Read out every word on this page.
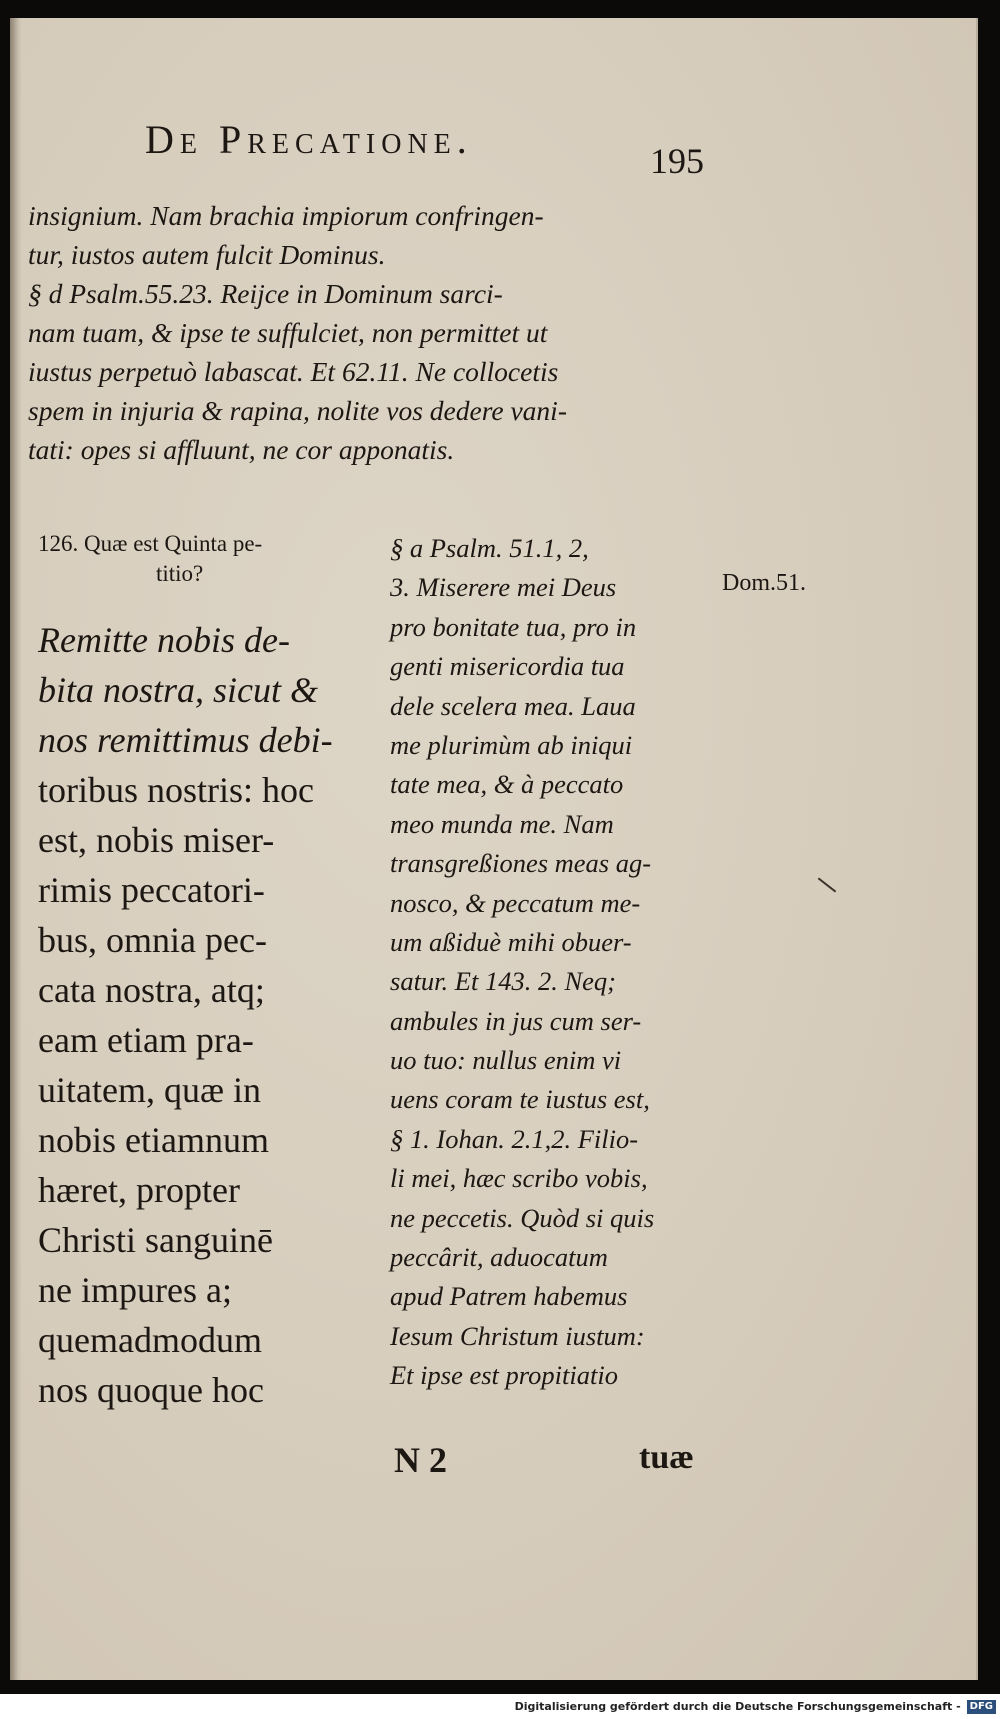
De Precatione.	195
insignium. Nam brachia impiorum confringen-
tur, iustos autem fulcit Dominus.
§ d Psalm.55.23. Reijce in Dominum sarci-
nam tuam, & ipse te suffulciet, non permittet ut
iustus perpetuò labascat. Et 62.11. Ne collocetis
spem in injuria & rapina, nolite vos dedere vani-
tati: opes si affluunt, ne cor apponatis.
126. Quæ est Quinta pe-
titio?
Remitte nobis de-
bita nostra, sicut &
nos remittimus debi-
toribus nostris: hoc
est, nobis miser-
rimis peccatori-
bus, omnia pec-
cata nostra, atq;
eam etiam pra-
uitatem, quæ in
nobis etiamnum
hæret, propter
Christi sanguinē
ne impures a;
quemadmodum
nos quoque hoc
§ a Psalm. 51.1, 2,
3. Miserere mei Deus
pro bonitate tua, pro in
genti misericordia tua
dele scelera mea. Laua
me plurimùm ab iniqui
tate mea, & à peccato
meo munda me. Nam
transgreßiones meas ag-
nosco, & peccatum me-
um aßiduè mihi obuer-
satur. Et 143. 2. Neq;
ambules in jus cum ser-
uo tuo: nullus enim vi
uens coram te iustus est,
§ 1. Iohan. 2.1,2. Filio-
li mei, hæc scribo vobis,
ne peccetis. Quòd si quis
peccârit, aduocatum
apud Patrem habemus
Iesum Christum iustum:
Et ipse est propitiatio
Dom.51.
N 2	tuæ
Digitalisierung gefördert durch die Deutsche Forschungsgemeinschaft - DFG
